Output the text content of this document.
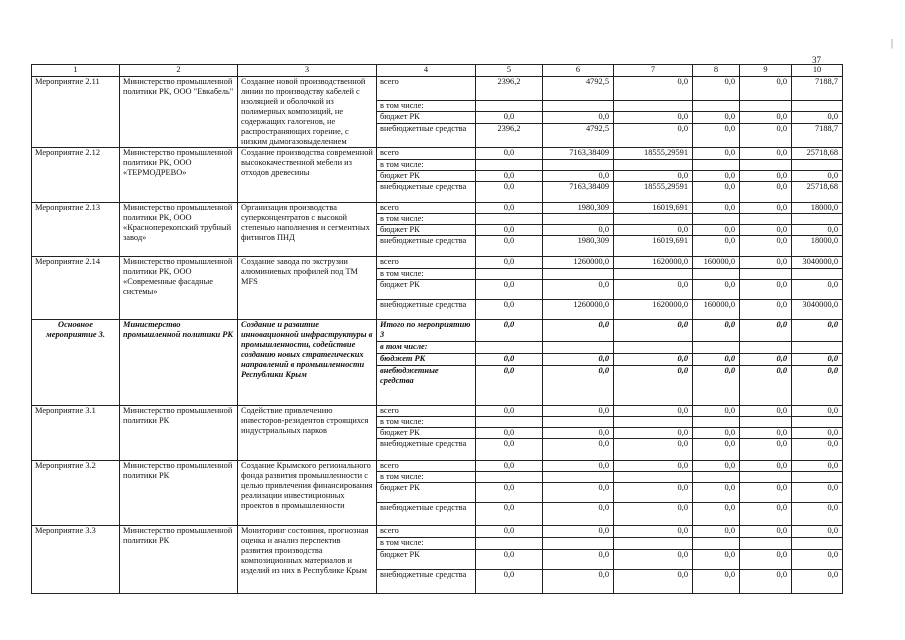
37
|
1	2	3	4	5	6	7	8	9	10
Мероприятие 2.11	Министерство промышленной политики РК, ООО "Евкабель"	Создание новой производственной линии по производству кабелей с изоляцией и оболочкой из полимерных композиций, не содержащих галогенов, не распространяющих горение, с низким дымогазовыделением	всего	2396,2	4792,5	0,0	0,0	0,0	7188,7
			в том числе:						
			бюджет РК	0,0	0,0	0,0	0,0	0,0	0,0
			внебюджетные средства	2396,2	4792,5	0,0	0,0	0,0	7188,7
Мероприятие 2.12	Министерство промышленной политики РК, ООО «ТЕРМОДРЕВО»	Создание производства современной высококачественной мебели из отходов древесины	всего	0,0	7163,38409	18555,29591	0,0	0,0	25718,68
			в том числе:						
			бюджет РК	0,0	0,0	0,0	0,0	0,0	0,0
			внебюджетные средства	0,0	7163,38409	18555,29591	0,0	0,0	25718,68
Мероприятие 2.13	Министерство промышленной политики РК, ООО «Красноперекопский трубный завод»	Организация производства суперконцентратов с высокой степенью наполнения и сегментных фитингов ПНД	всего	0,0	1980,309	16019,691	0,0	0,0	18000,0
			в том числе:						
			бюджет РК	0,0	0,0	0,0	0,0	0,0	0,0
			внебюджетные средства	0,0	1980,309	16019,691	0,0	0,0	18000,0
Мероприятие 2.14	Министерство промышленной политики РК, ООО «Современные фасадные системы»	Создание завода по экструзии алюминиевых профилей под ТМ MFS	всего	0,0	1260000,0	1620000,0	160000,0	0,0	3040000,0
			в том числе:						
			бюджет РК	0,0	0,0	0,0	0,0	0,0	0,0
			внебюджетные средства	0,0	1260000,0	1620000,0	160000,0	0,0	3040000,0
Основное мероприятие 3.	Министерство промышленной политики РК	Создание и развитие инновационной инфраструктуры в промышленности, содействие созданию новых стратегических направлений в промышленности Республики Крым	Итого по мероприятию 3	0,0	0,0	0,0	0,0	0,0	0,0
			в том числе:						
			бюджет РК	0,0	0,0	0,0	0,0	0,0	0,0
			внебюджетные средства	0,0	0,0	0,0	0,0	0,0	0,0
Мероприятие 3.1	Министерство промышленной политики РК	Содействие привлечению инвесторов-резидентов строящихся индустриальных парков	всего	0,0	0,0	0,0	0,0	0,0	0,0
			в том числе:						
			бюджет РК	0,0	0,0	0,0	0,0	0,0	0,0
			внебюджетные средства	0,0	0,0	0,0	0,0	0,0	0,0
Мероприятие 3.2	Министерство промышленной политики РК	Создание Крымского регионального фонда развития промышленности с целью привлечения финансирования реализации инвестиционных проектов в промышленности	всего	0,0	0,0	0,0	0,0	0,0	0,0
			в том числе:						
			бюджет РК	0,0	0,0	0,0	0,0	0,0	0,0
			внебюджетные средства	0,0	0,0	0,0	0,0	0,0	0,0
Мероприятие 3.3	Министерство промышленной политики РК	Мониторинг состояния, прогнозная оценка и анализ перспектив развития производства композиционных материалов и изделий из них в Республике Крым	всего	0,0	0,0	0,0	0,0	0,0	0,0
			в том числе:						
			бюджет РК	0,0	0,0	0,0	0,0	0,0	0,0
			внебюджетные средства	0,0	0,0	0,0	0,0	0,0	0,0
